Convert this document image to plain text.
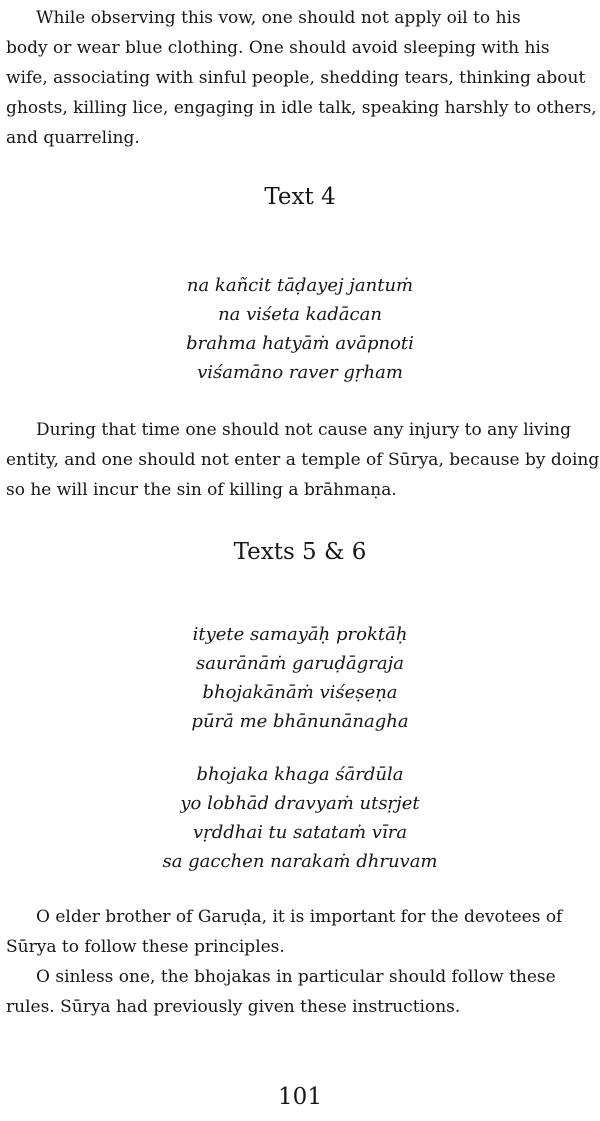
While observing this vow, one should not apply oil to his
body or wear blue clothing. One should avoid sleeping with his
wife, associating with sinful people, shedding tears, thinking about
ghosts, killing lice, engaging in idle talk, speaking harshly to others,
and quarreling.

Text 4
na kañcit tāḍayej jantuṁ
na viśeta kadācan
brahma hatyāṁ avāpnoti
viśamāno raver gṛham

During that time one should not cause any injury to any living
entity, and one should not enter a temple of Sūrya, because by doing
so he will incur the sin of killing a brāhmaṇa.

Texts 5 & 6
ityete samayāḥ proktāḥ
saurānāṁ garuḍāgraja
bhojakānāṁ viśeṣeṇa
pūrā me bhānunānagha
bhojaka khaga śārdūla
yo lobhād dravyaṁ utsṛjet
vṛddhai tu satataṁ vīra
sa gacchen narakaṁ dhruvam

O elder brother of Garuḍa, it is important for the devotees of
Sūrya to follow these principles.

O sinless one, the bhojakas in particular should follow these
rules. Sūrya had previously given these instructions.

101
